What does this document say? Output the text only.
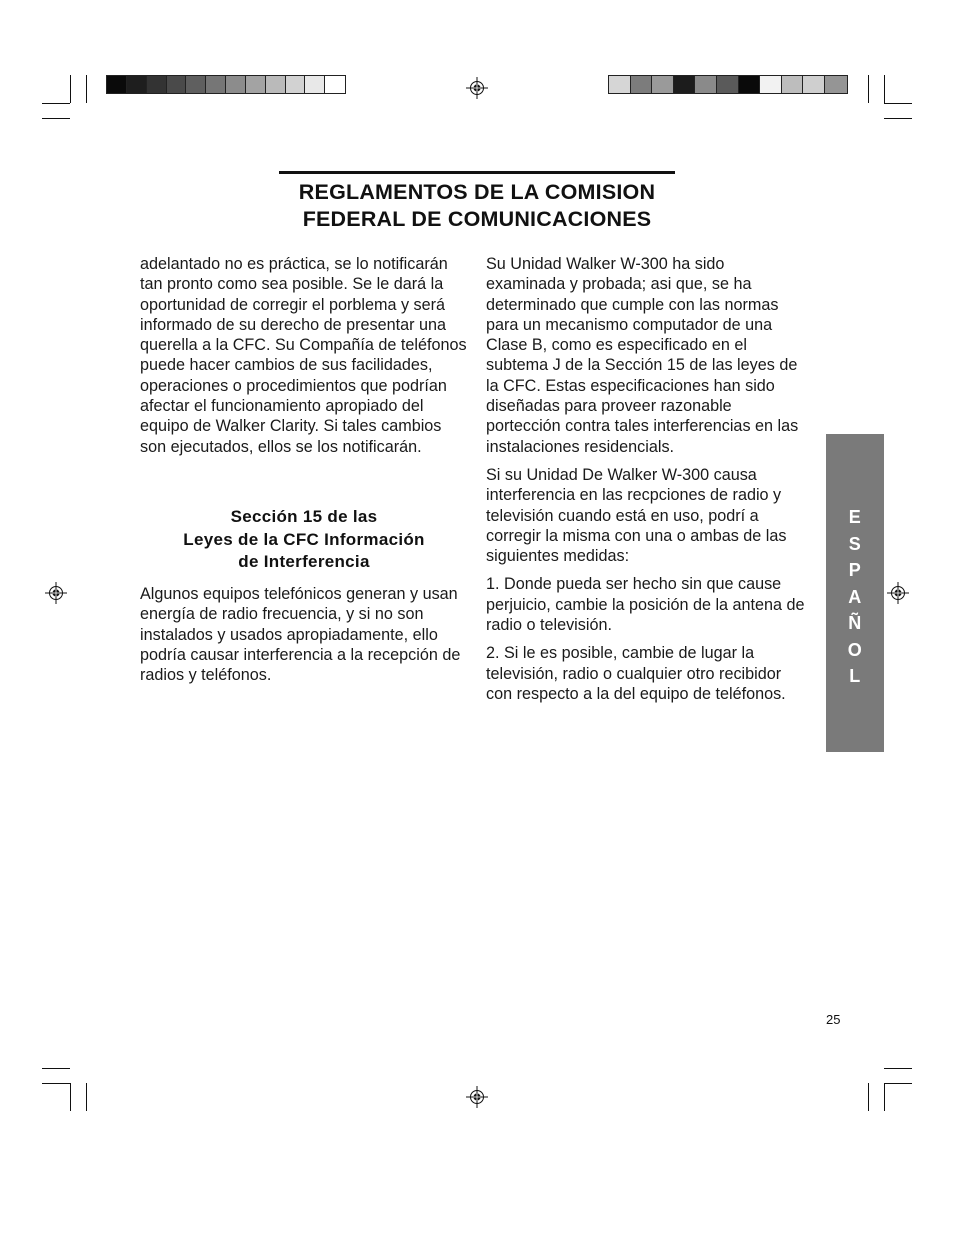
REGLAMENTOS DE LA COMISION
FEDERAL DE COMUNICACIONES

adelantado no es práctica, se lo notificarán tan pronto como sea posible. Se le dará la oportunidad de corregir el porblema y será informado de su derecho de presentar una querella a la CFC. Su Compañía de teléfonos puede hacer cambios de sus facilidades, operaciones o procedimientos que podrían afectar el funcionamiento apropiado del equipo de Walker Clarity. Si tales cambios son ejecutados, ellos se los notificarán.

Sección 15 de las
Leyes de la CFC Información
de Interferencia

Algunos equipos telefónicos generan y usan energía de radio frecuencia, y si no son instalados y usados apropiadamente, ello podría causar interferencia a la recepción de radios y teléfonos.

Su Unidad Walker W-300 ha sido examinada y probada; asi que, se ha determinado que cumple con las normas para un mecanismo computador de una Clase B, como es especificado en el subtema J de la Sección 15 de las leyes de la CFC. Estas especificaciones han sido diseñadas para proveer razonable portección contra tales interferencias en las instalaciones residencials.

Si su Unidad De Walker W-300 causa interferencia en las recpciones de radio y televisión cuando está en uso, podrí a corregir la misma con una o ambas de las siguientes medidas:

1. Donde pueda ser hecho sin que cause perjuicio, cambie la posición de la antena de radio o televisión.

2. Si le es posible, cambie de lugar la televisión, radio o cualquier otro recibidor con respecto a la del equipo de teléfonos.

E
S
P
A
Ñ
O
L
25
